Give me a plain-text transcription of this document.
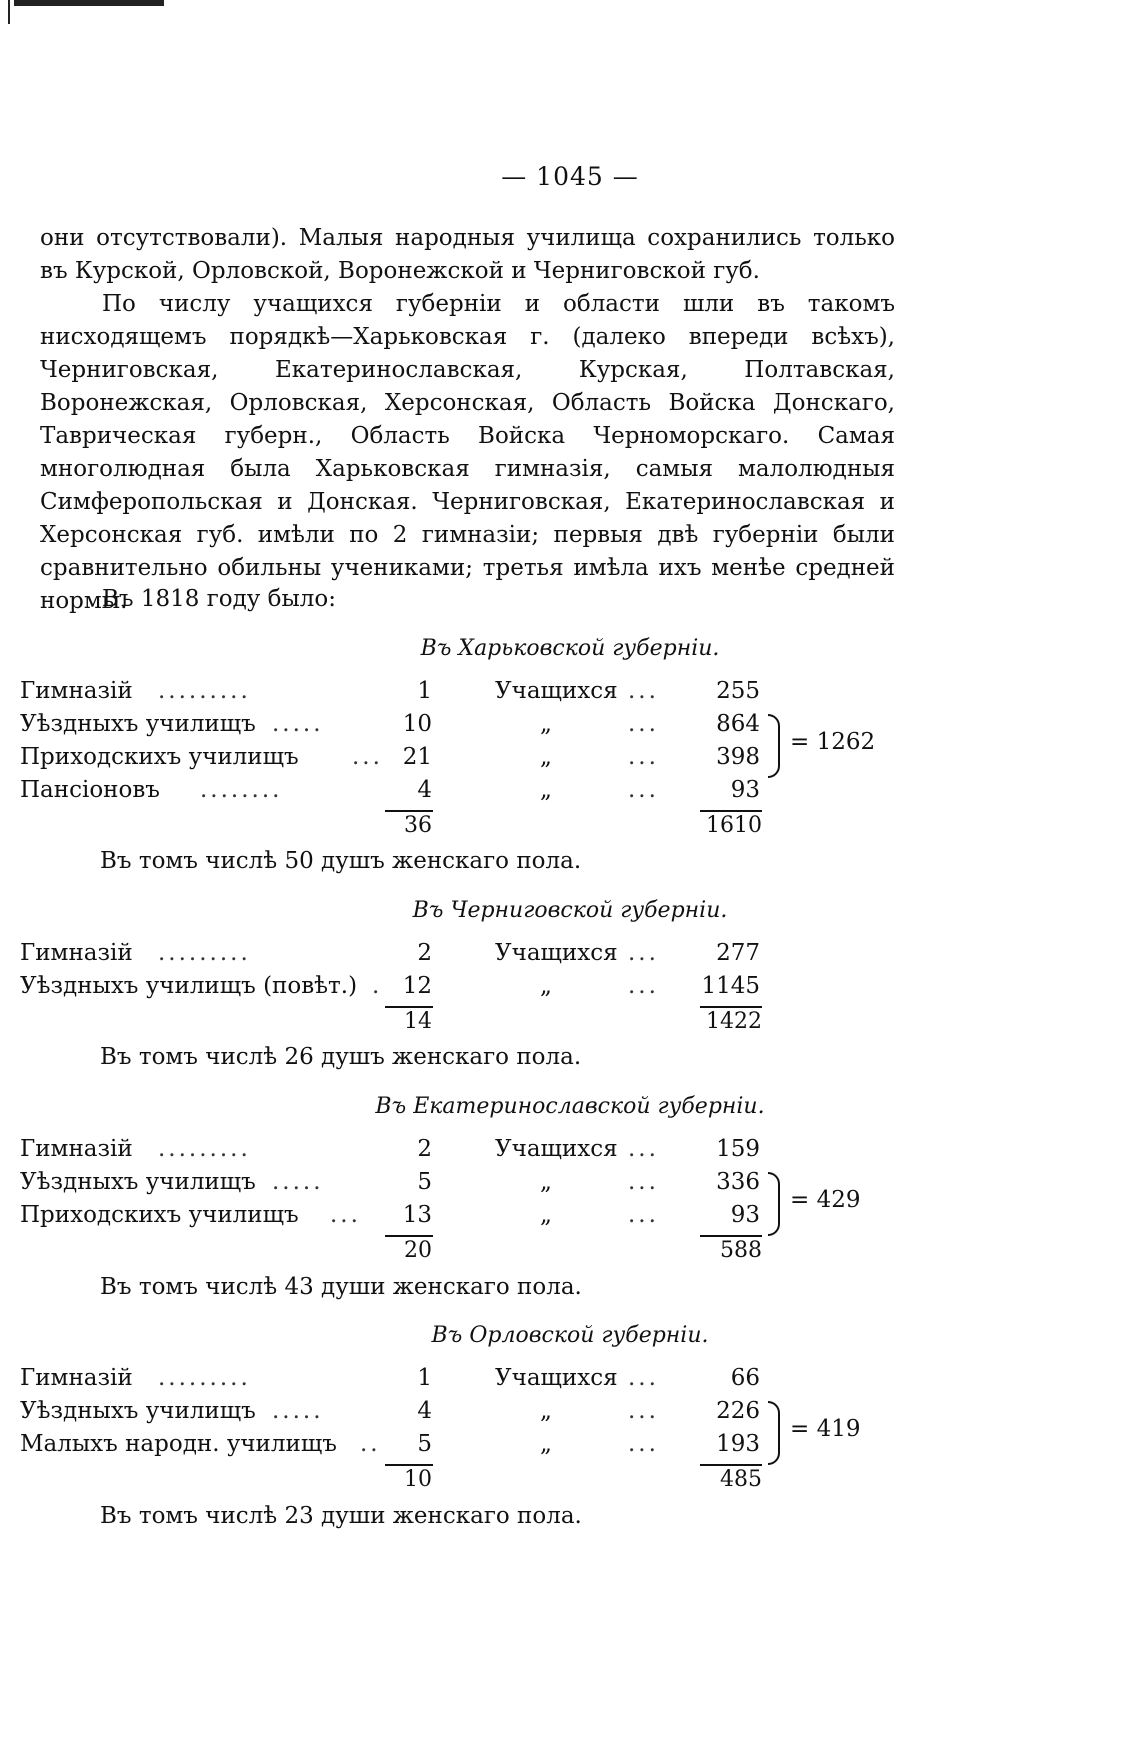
— 1045 —

они отсутствовали). Малыя народныя училища сохранились только въ Курской, Орловской, Воронежской и Черниговской губ.

По числу учащихся губерніи и области шли въ такомъ нисходящемъ порядкѣ—Харьковская г. (далеко впереди всѣхъ), Черниговская, Екатеринославская, Курская, Полтавская, Воронежская, Орловская, Херсонская, Область Войска Донскаго, Таврическая губерн., Область Войска Черноморскаго. Самая многолюдная была Харьковская гимназія, самыя малолюдныя Симферопольская и Донская. Черниговская, Екатеринославская и Херсонская губ. имѣли по 2 гимназіи; первыя двѣ губерніи были сравнительно обильны учениками; третья имѣла ихъ менѣе средней нормы.

Въ 1818 году было:
Въ Харьковской губерніи.
Гимназій .........	1	Учащихся ...	255
Уѣздныхъ училищъ .....	10	„	...	864
Приходскихъ училищъ ... 21	„	...	398
Пансіоновъ ........	4	„	...	93
36	1610
= 1262
Въ томъ числѣ 50 душъ женскаго пола.
Въ Черниговской губерніи.
Гимназій .........	2	Учащихся ...	277
Уѣздныхъ училищъ (повѣт.) . 12	„	...	1145
14	1422
Въ томъ числѣ 26 душъ женскаго пола.
Въ Екатеринославской губерніи.
Гимназій .........	2	Учащихся ...	159
Уѣздныхъ училищъ .....	5	„	...	336
Приходскихъ училищъ ...	13	„	...	93
20	588
= 429
Въ томъ числѣ 43 души женскаго пола.
Въ Орловской губерніи.
Гимназій .........	1	Учащихся ...	66
Уѣздныхъ училищъ .....	4	„	...	226
Малыхъ народн. училищъ ..	5	„	...	193
10	485
= 419
Въ томъ числѣ 23 души женскаго пола.
